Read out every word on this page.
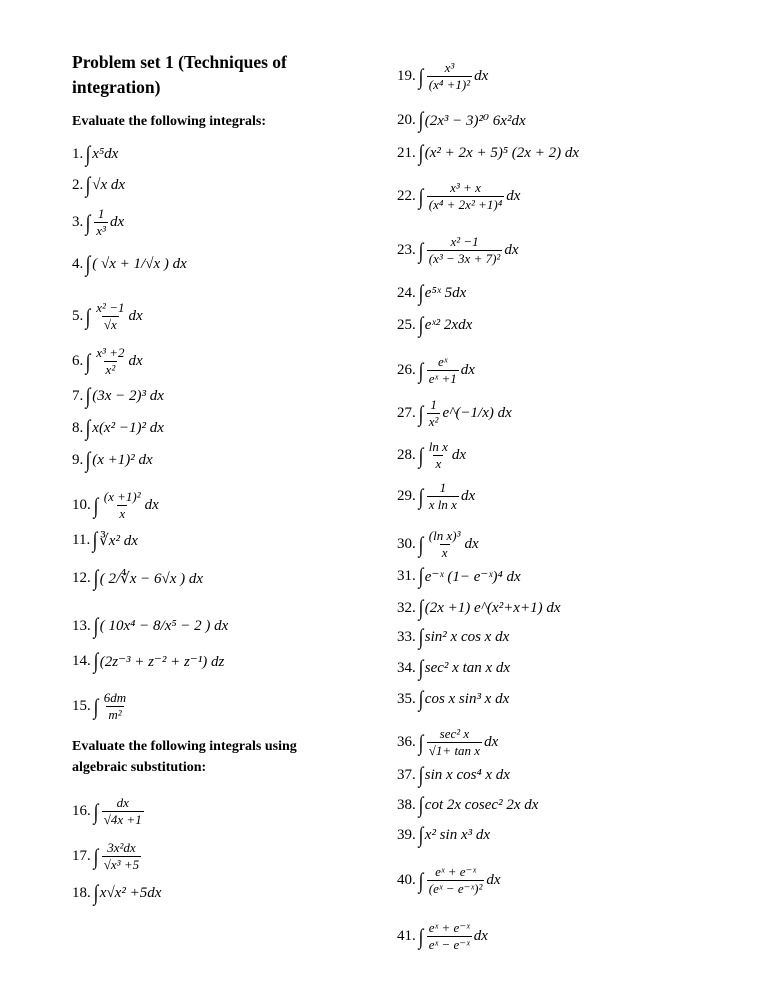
Problem set 1 (Techniques of integration)
Evaluate the following integrals:
Evaluate the following integrals using algebraic substitution:
1. ∫ x⁵dx
2. ∫ √x dx
3. ∫ $\frac{1}{\text{x³}}$ dx
4. ∫ ( √x + 1/√x ) dx
5. ∫ $\frac{\text{x² −1}}{√x}$ dx
6. ∫ $\frac{\text{x³ +2}}{\text{x²}}$ dx
7. ∫ (3x − 2)³ dx
8. ∫ x(x² −1)² dx
9. ∫ (x +1)² dx
10. ∫ $\frac{\text{(x +1)²}}{x}$ dx
11. ∫ ∛x² dx
12. ∫ ( 2/∜x − 6√x ) dx
13. ∫ ( 10x⁴ − 8/x⁵ − 2 ) dx
14. ∫ (2z⁻³ + z⁻² + z⁻¹) dz
15. ∫ $\frac{6dm}{\text{m²}}$
16. ∫ $\frac{dx}{√4x +1}$
17. ∫ $\frac{\text{3x²dx}}{\text{√x³ +5}}$
18. ∫ x√x² +5dx
19. ∫ $\frac{\text{x³}}{\text{(x⁴ +1)²}}$ dx
20. ∫ (2x³ − 3)²⁰ 6x²dx
21. ∫ (x² + 2x + 5)⁵ (2x + 2) dx
22. ∫ $\frac{\text{x³ + x}}{\text{(x⁴ + 2x² +1)⁴}}$ dx
23. ∫ $\frac{\text{x² −1}}{\text{(x³ − 3x + 7)²}}$ dx
24. ∫ e⁵ˣ 5dx
25. ∫ eˣ² 2xdx
26. ∫ $\frac{\text{eˣ}}{\text{eˣ +1}}$ dx
27. ∫ $\frac{1}{\text{x²}}$ e^(−1/x) dx
28. ∫ $\frac{\text{ln x}}{x}$ dx
29. ∫ $\frac{1}{\text{x ln x}}$ dx
30. ∫ $\frac{\text{(ln x)³}}{x}$ dx
31. ∫ e⁻ˣ (1− e⁻ˣ)⁴ dx
32. ∫ (2x +1) e^(x²+x+1) dx
33. ∫ sin² x cos x dx
34. ∫ sec² x tan x dx
35. ∫ cos x sin³ x dx
36. ∫ $\frac{\text{sec² x}}{\text{√1+ tan x}}$ dx
37. ∫ sin x cos⁴ x dx
38. ∫ cot 2x cosec² 2x dx
39. ∫ x² sin x³ dx
40. ∫ $\frac{\text{eˣ + e⁻ˣ}}{\text{(eˣ − e⁻ˣ)²}}$ dx
41. ∫ $\frac{\text{eˣ + e⁻ˣ}}{\text{eˣ − e⁻ˣ}}$ dx
